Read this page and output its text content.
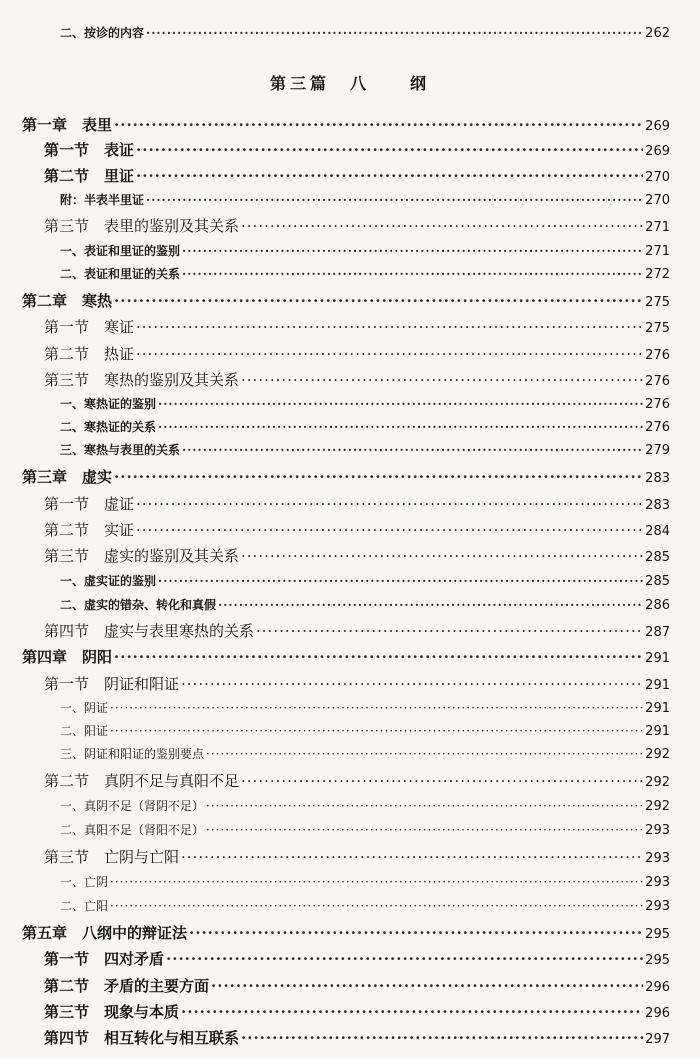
二、按诊的内容 ·····	262
第三篇　八　　纲
第一章　表里 ·····	269
第一节　表证 ·····	269
第二节　里证 ·····	270
附：半表半里证 ·····	270
第三节　表里的鉴别及其关系 ·····	271
一、表证和里证的鉴别 ·····	271
二、表证和里证的关系 ·····	272
第二章　寒热 ·····	275
第一节　寒证 ·····	275
第二节　热证 ·····	276
第三节　寒热的鉴别及其关系 ·····	276
一、寒热证的鉴别 ·····	276
二、寒热证的关系 ·····	276
三、寒热与表里的关系 ·····	279
第三章　虚实 ·····	283
第一节　虚证 ·····	283
第二节　实证 ·····	284
第三节　虚实的鉴别及其关系 ·····	285
一、虚实证的鉴别 ·····	285
二、虚实的错杂、转化和真假 ·····	286
第四节　虚实与表里寒热的关系 ·····	287
第四章　阴阳 ·····	291
第一节　阴证和阳证 ·····	291
一、阴证 ·····	291
二、阳证 ·····	291
三、阴证和阳证的鉴别要点 ·····	292
第二节　真阴不足与真阳不足 ·····	292
一、真阴不足（肾阴不足） ·····	292
二、真阳不足（肾阳不足） ·····	293
第三节　亡阴与亡阳 ·····	293
一、亡阴 ·····	293
二、亡阳 ·····	293
第五章　八纲中的辩证法 ·····	295
第一节　四对矛盾 ·····	295
第二节　矛盾的主要方面 ·····	296
第三节　现象与本质 ·····	296
第四节　相互转化与相互联系 ·····	297
